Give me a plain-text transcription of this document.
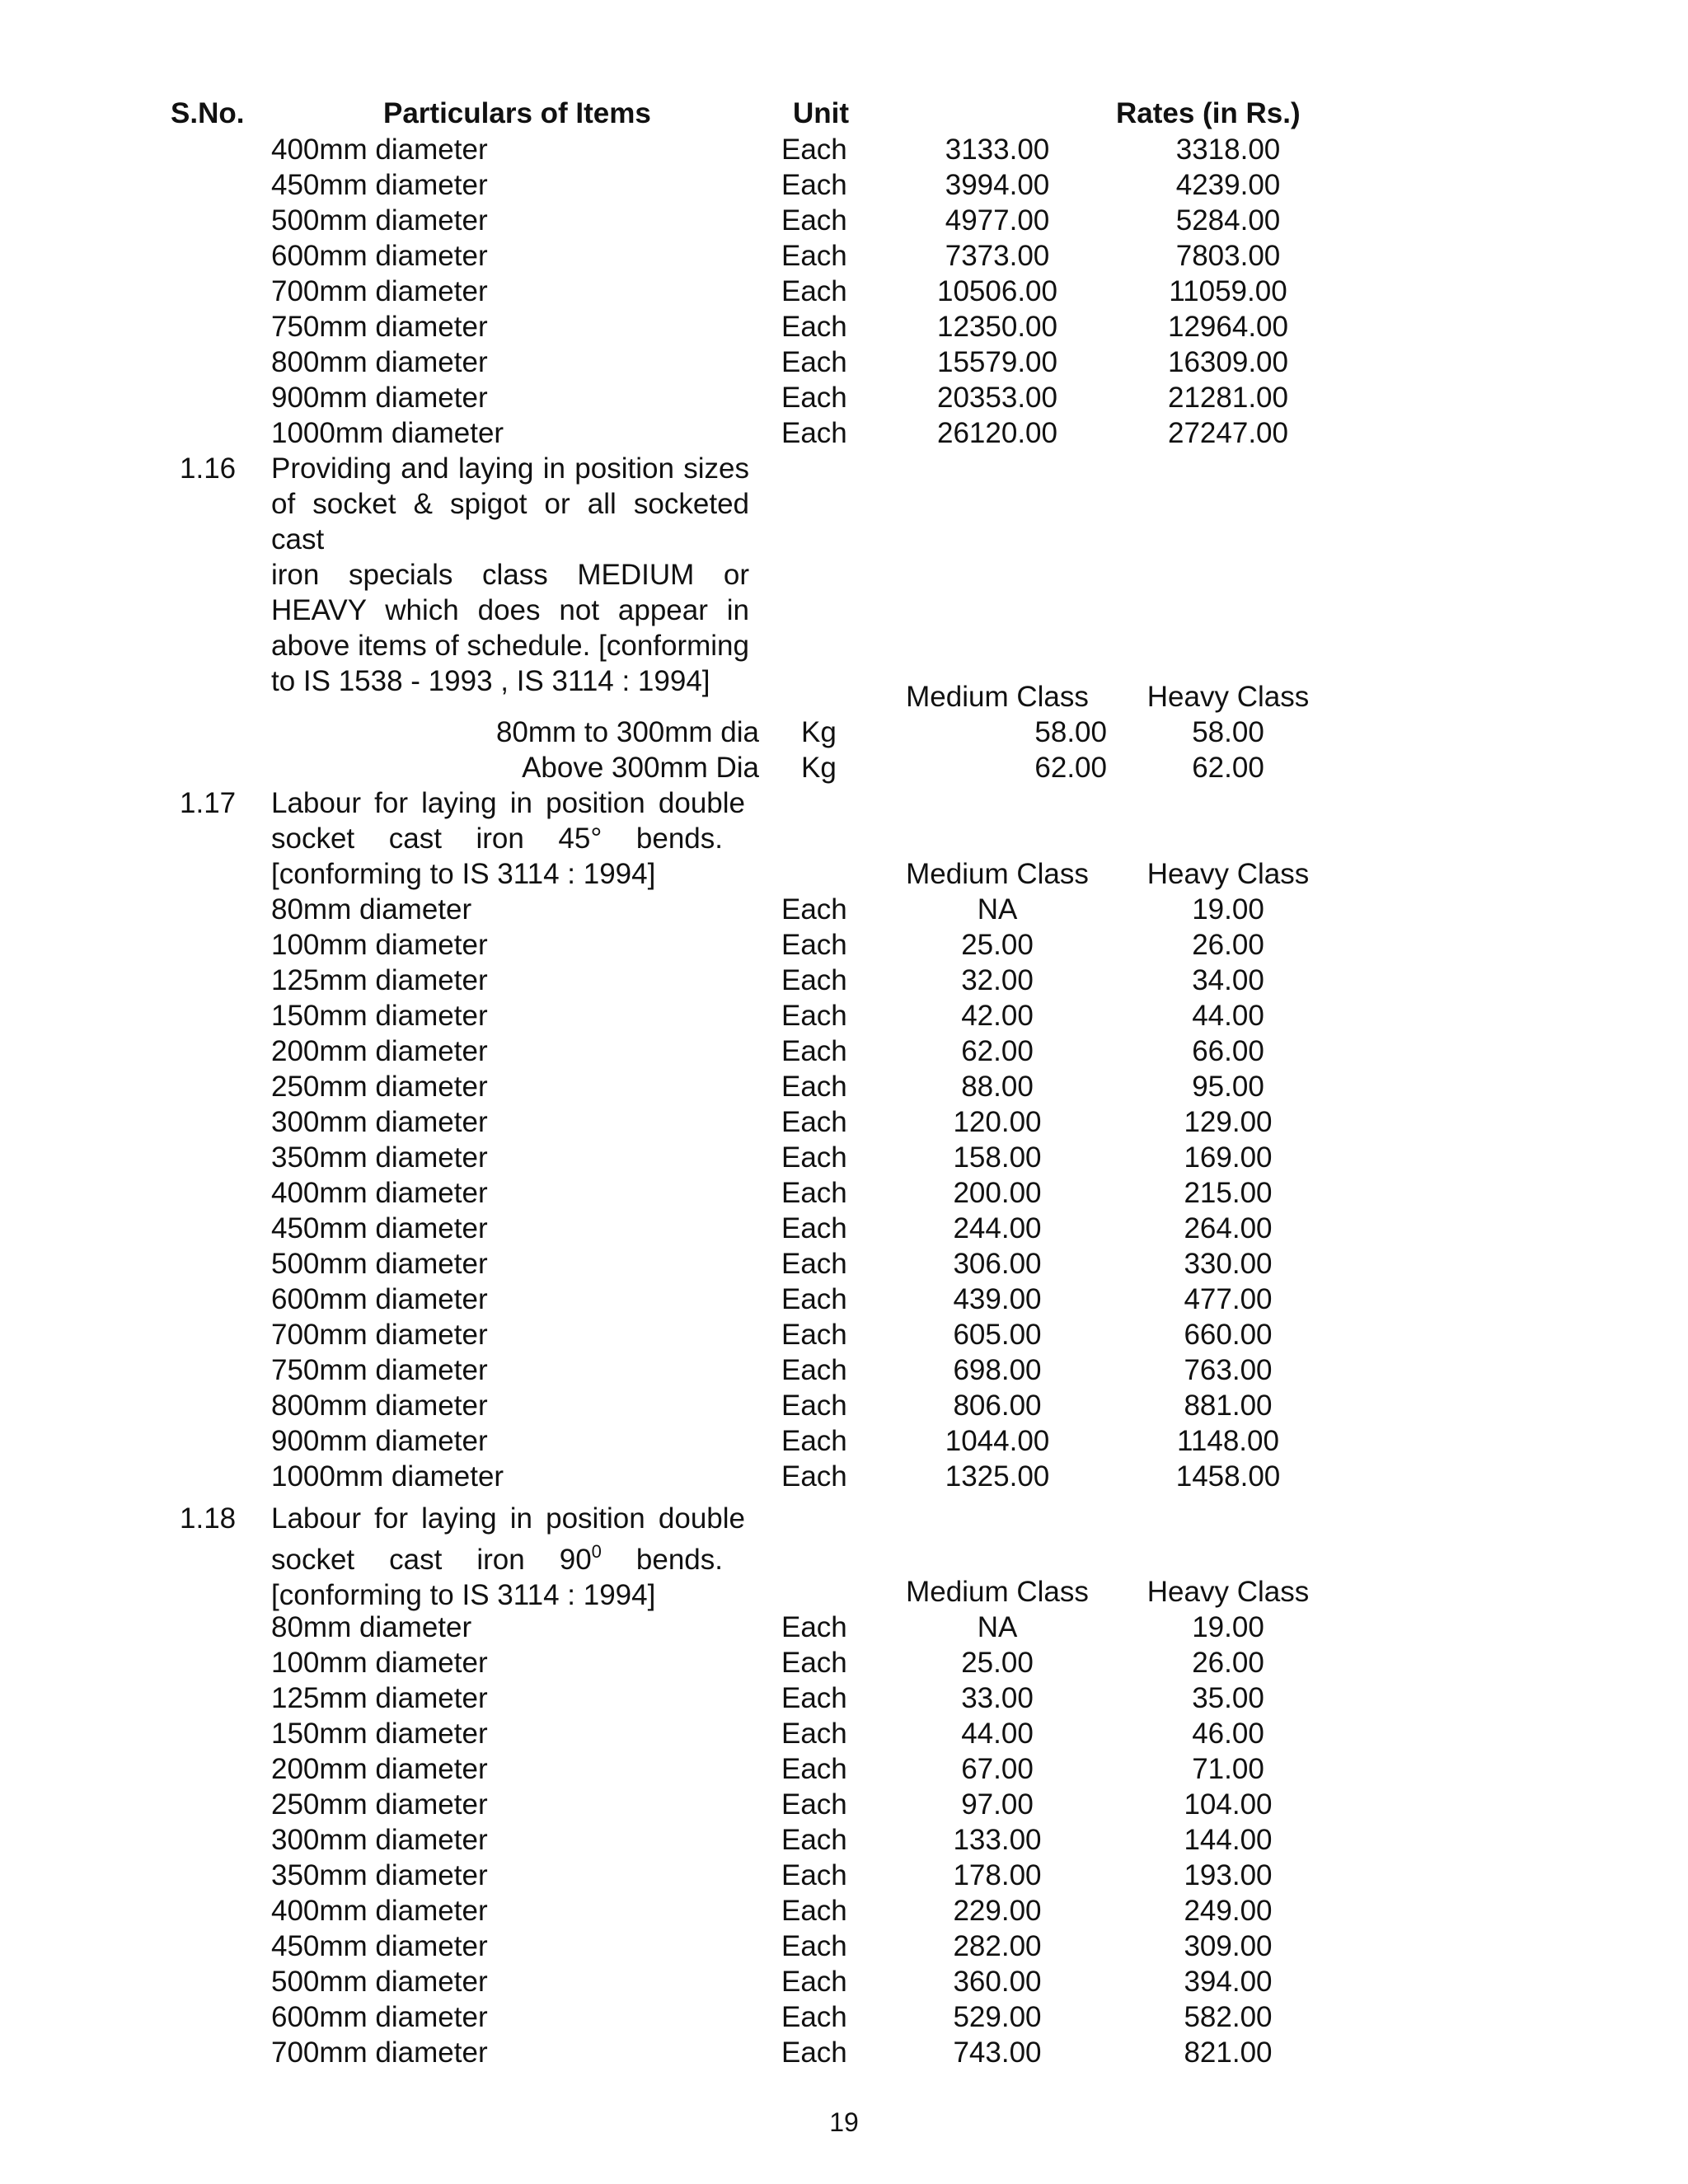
S.No.	Particulars of Items	Unit	Rates (in Rs.)
400mm diameter	Each	3133.00	3318.00
450mm diameter	Each	3994.00	4239.00
500mm diameter	Each	4977.00	5284.00
600mm diameter	Each	7373.00	7803.00
700mm diameter	Each	10506.00	11059.00
750mm diameter	Each	12350.00	12964.00
800mm diameter	Each	15579.00	16309.00
900mm diameter	Each	20353.00	21281.00
1000mm diameter	Each	26120.00	27247.00
1.16 Providing and laying in position sizes
of socket & spigot or all socketed cast
iron specials class MEDIUM or
HEAVY which does not appear in
above items of schedule. [conforming
to IS 1538 - 1993 , IS 3114 : 1994]	Medium Class	Heavy Class
80mm to 300mm dia Kg	58.00	58.00
Above 300mm Dia Kg	62.00	62.00
1.17 Labour for laying in position double
socket cast iron 45° bends.
[conforming to IS 3114 : 1994]	Medium Class	Heavy Class
80mm diameter	Each	NA	19.00
100mm diameter	Each	25.00	26.00
125mm diameter	Each	32.00	34.00
150mm diameter	Each	42.00	44.00
200mm diameter	Each	62.00	66.00
250mm diameter	Each	88.00	95.00
300mm diameter	Each	120.00	129.00
350mm diameter	Each	158.00	169.00
400mm diameter	Each	200.00	215.00
450mm diameter	Each	244.00	264.00
500mm diameter	Each	306.00	330.00
600mm diameter	Each	439.00	477.00
700mm diameter	Each	605.00	660.00
750mm diameter	Each	698.00	763.00
800mm diameter	Each	806.00	881.00
900mm diameter	Each	1044.00	1148.00
1000mm diameter	Each	1325.00	1458.00
1.18 Labour for laying in position double
socket cast iron $90^0$ bends.
[conforming to IS 3114 : 1994]	Medium Class	Heavy Class
80mm diameter	Each	NA	19.00
100mm diameter	Each	25.00	26.00
125mm diameter	Each	33.00	35.00
150mm diameter	Each	44.00	46.00
200mm diameter	Each	67.00	71.00
250mm diameter	Each	97.00	104.00
300mm diameter	Each	133.00	144.00
350mm diameter	Each	178.00	193.00
400mm diameter	Each	229.00	249.00
450mm diameter	Each	282.00	309.00
500mm diameter	Each	360.00	394.00
600mm diameter	Each	529.00	582.00
700mm diameter	Each	743.00	821.00
19
